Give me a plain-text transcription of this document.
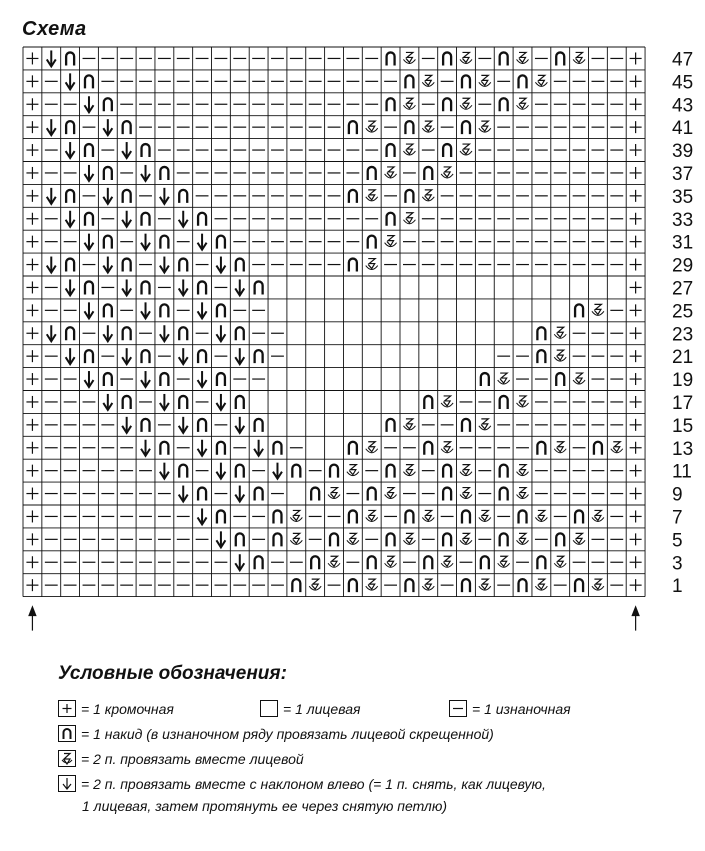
Схема
47
45
43
41
39
37
35
33
31
29
27
25
23
21
19
17
15
13
11
9
7
5
3
1
Условные обозначения:
= 1 кромочная	= 1 лицевая	= 1 изнаночная
= 1 накид (в изнаночном ряду провязать лицевой скрещенной)
= 2 п. провязать вместе лицевой
= 2 п. провязать вместе с наклоном влево (= 1 п. снять, как лицевую,
1 лицевая, затем протянуть ее через снятую петлю)
